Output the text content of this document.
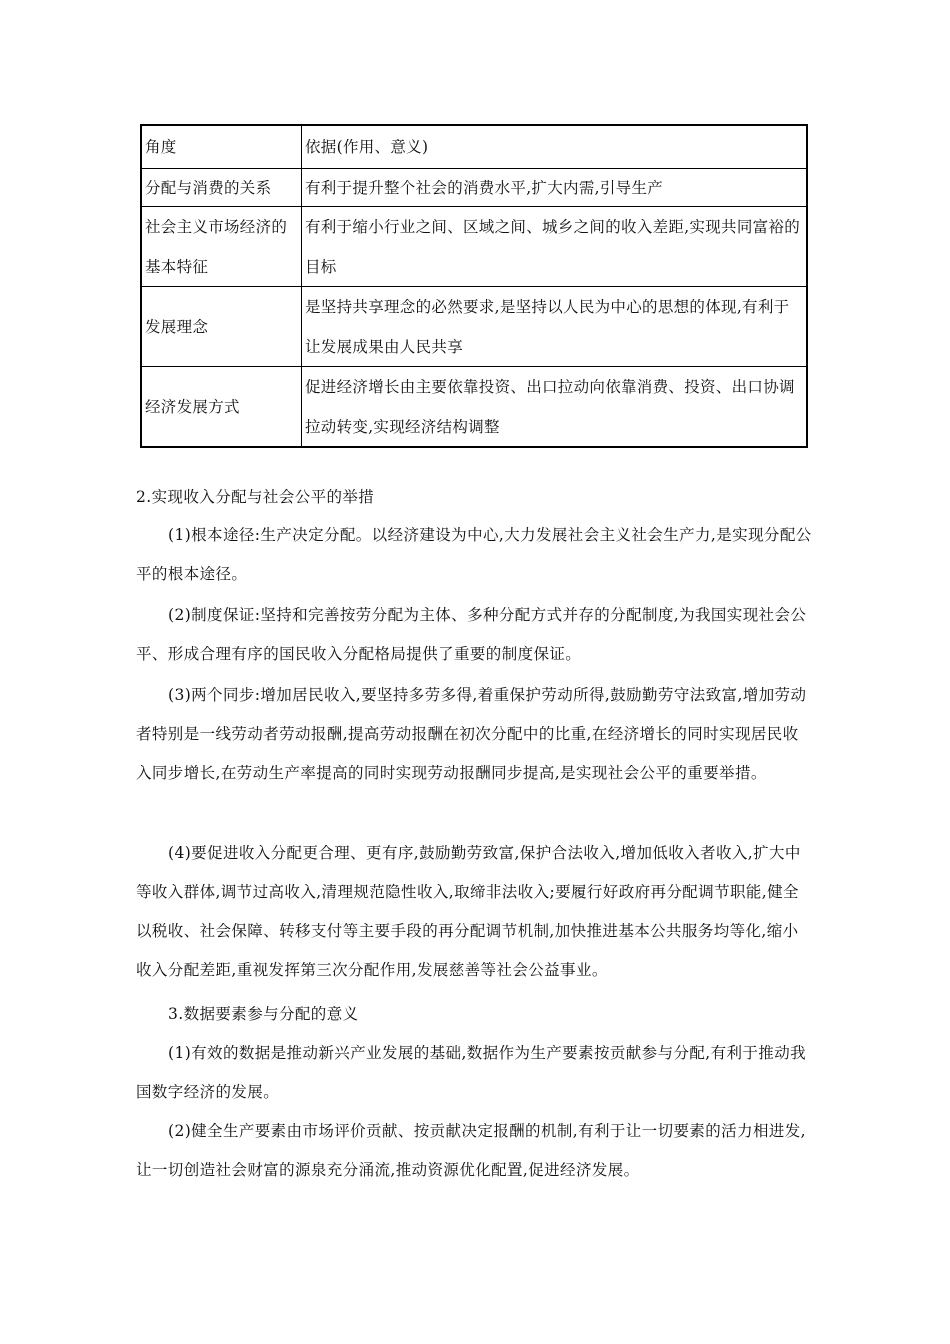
角度	依据(作用、意义)
分配与消费的关系	有利于提升整个社会的消费水平,扩大内需,引导生产
社会主义市场经济的基本特征
有利于缩小行业之间、区域之间、城乡之间的收入差距,实现共同富裕的目标
发展理念
是坚持共享理念的必然要求,是坚持以人民为中心的思想的体现,有利于让发展成果由人民共享
经济发展方式
促进经济增长由主要依靠投资、出口拉动向依靠消费、投资、出口协调拉动转变,实现经济结构调整

2.实现收入分配与社会公平的举措

(1)根本途径:生产决定分配。以经济建设为中心,大力发展社会主义社会生产力,是实现分配公平的根本途径。

(2)制度保证:坚持和完善按劳分配为主体、多种分配方式并存的分配制度,为我国实现社会公平、形成合理有序的国民收入分配格局提供了重要的制度保证。

(3)两个同步:增加居民收入,要坚持多劳多得,着重保护劳动所得,鼓励勤劳守法致富,增加劳动者特别是一线劳动者劳动报酬,提高劳动报酬在初次分配中的比重,在经济增长的同时实现居民收入同步增长,在劳动生产率提高的同时实现劳动报酬同步提高,是实现社会公平的重要举措。

(4)要促进收入分配更合理、更有序,鼓励勤劳致富,保护合法收入,增加低收入者收入,扩大中等收入群体,调节过高收入,清理规范隐性收入,取缔非法收入;要履行好政府再分配调节职能,健全以税收、社会保障、转移支付等主要手段的再分配调节机制,加快推进基本公共服务均等化,缩小收入分配差距,重视发挥第三次分配作用,发展慈善等社会公益事业。

3.数据要素参与分配的意义

(1)有效的数据是推动新兴产业发展的基础,数据作为生产要素按贡献参与分配,有利于推动我国数字经济的发展。

(2)健全生产要素由市场评价贡献、按贡献决定报酬的机制,有利于让一切要素的活力相进发,让一切创造社会财富的源泉充分涌流,推动资源优化配置,促进经济发展。
